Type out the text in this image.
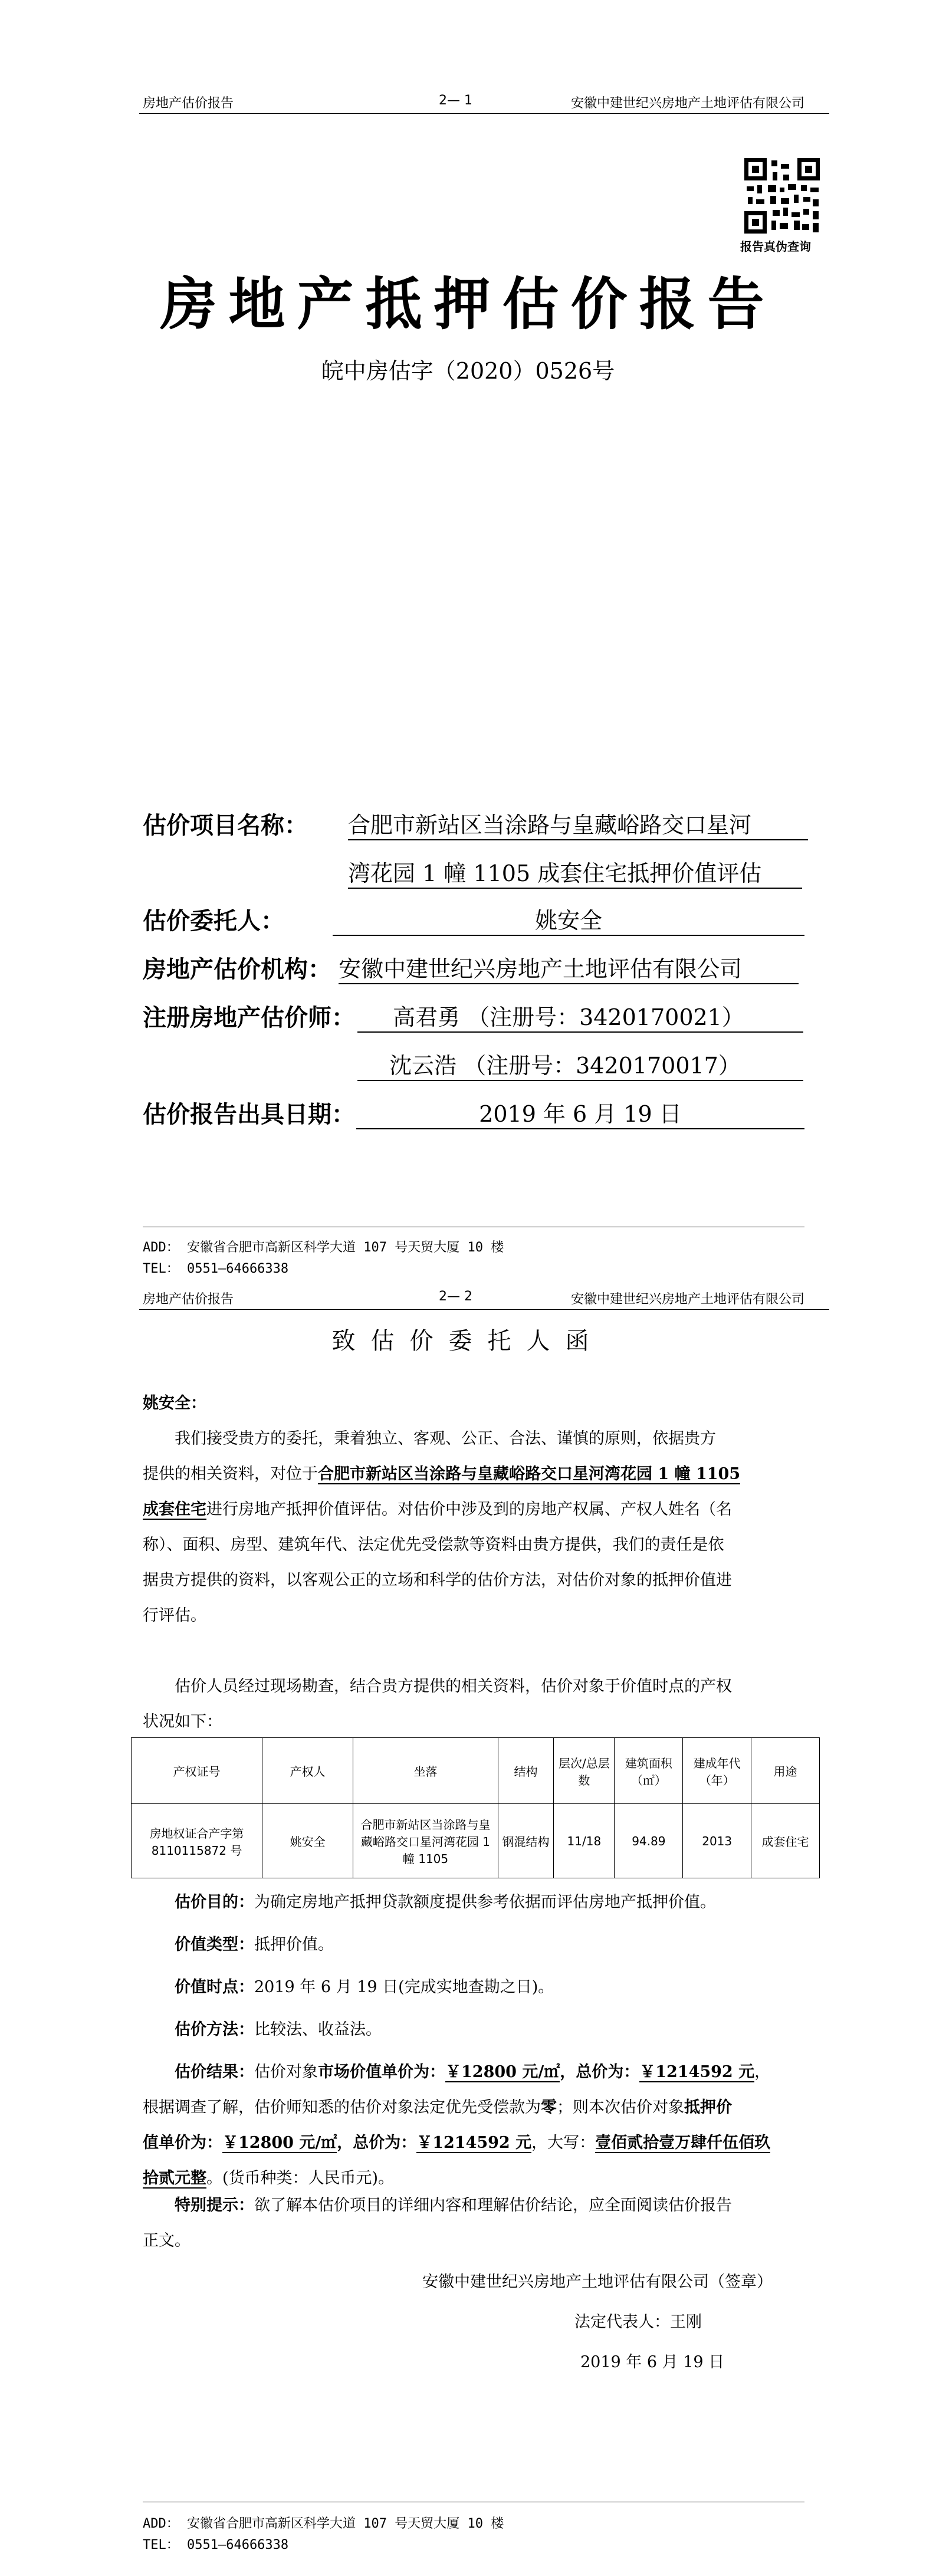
房地产估价报告	2— 1	安徽中建世纪兴房地产土地评估有限公司
报告真伪查询
房地产抵押估价报告
皖中房估字（2020）0526号
估价项目名称： 合肥市新站区当涂路与皇藏峪路交口星河
湾花园 1 幢 1105 成套住宅抵押价值评估
估价委托人：	姚安全
房地产估价机构： 安徽中建世纪兴房地产土地评估有限公司
注册房地产估价师：	高君勇 （注册号：3420170021）
沈云浩 （注册号：3420170017）
估价报告出具日期：	2019 年 6 月 19 日
ADD： 安徽省合肥市高新区科学大道 107 号天贸大厦 10 楼
TEL： 0551—64666338
房地产估价报告	2— 2	安徽中建世纪兴房地产土地评估有限公司
致估价委托人函
姚安全：
我们接受贵方的委托，秉着独立、客观、公正、合法、谨慎的原则，依据贵方
提供的相关资料，对位于合肥市新站区当涂路与皇藏峪路交口星河湾花园 1 幢 1105
成套住宅进行房地产抵押价值评估。对估价中涉及到的房地产权属、产权人姓名（名
称）、面积、房型、建筑年代、法定优先受偿款等资料由贵方提供，我们的责任是依
据贵方提供的资料，以客观公正的立场和科学的估价方法，对估价对象的抵押价值进
行评估。
估价人员经过现场勘查，结合贵方提供的相关资料，估价对象于价值时点的产权
状况如下：
产权证号	产权人	坐落	结构	层次/总层数	建筑面积（㎡）	建成年代（年）	用途
房地权证合产字第 8110115872 号	姚安全	合肥市新站区当涂路与皇藏峪路交口星河湾花园 1 幢 1105	钢混结构	11/18	94.89	2013	成套住宅
估价目的：为确定房地产抵押贷款额度提供参考依据而评估房地产抵押价值。
价值类型：抵押价值。
价值时点：2019 年 6 月 19 日(完成实地查勘之日)。
估价方法：比较法、收益法。
估价结果：估价对象市场价值单价为：￥12800 元/㎡，总价为：￥1214592 元，
根据调查了解，估价师知悉的估价对象法定优先受偿款为零；则本次估价对象抵押价
值单价为：￥12800 元/㎡，总价为：￥1214592 元，大写：壹佰贰拾壹万肆仟伍佰玖
拾贰元整。(货币种类：人民币元)。
特别提示：欲了解本估价项目的详细内容和理解估价结论，应全面阅读估价报告
正文。
安徽中建世纪兴房地产土地评估有限公司（签章）
法定代表人：王刚
2019 年 6 月 19 日
ADD： 安徽省合肥市高新区科学大道 107 号天贸大厦 10 楼
TEL： 0551—64666338
